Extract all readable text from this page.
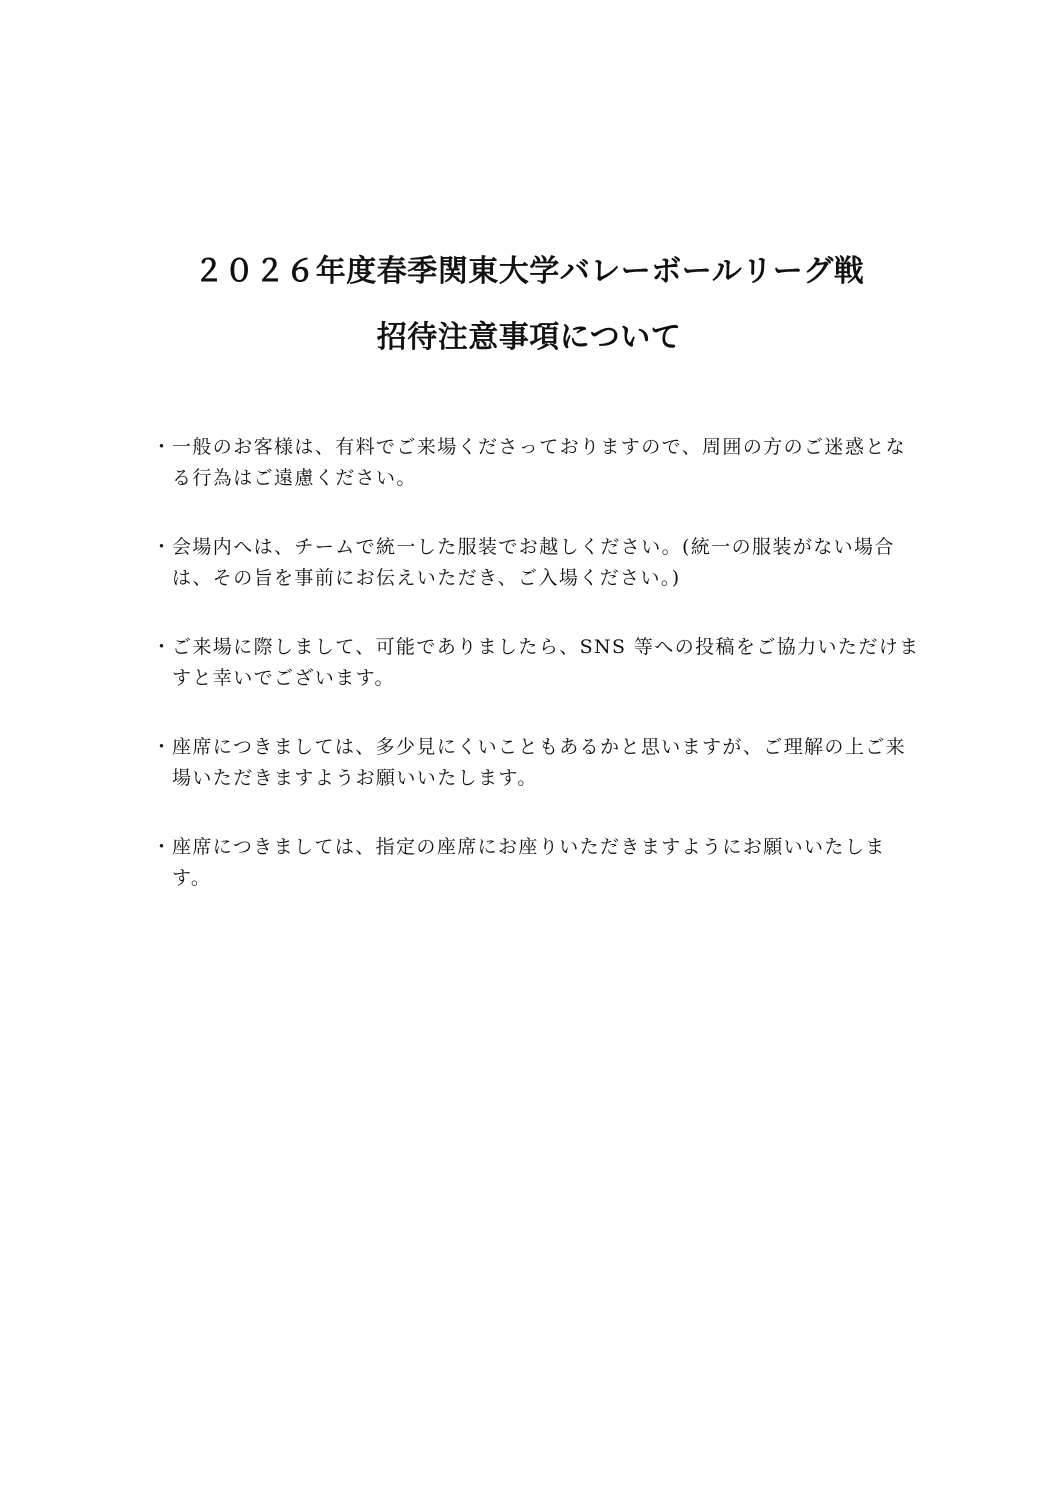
２０２６年度春季関東大学バレーボールリーグ戦
招待注意事項について
・ 一般のお客様は、有料でご来場くださっておりますので、周囲の方のご迷惑となる行為はご遠慮ください。
・ 会場内へは、チームで統一した服装でお越しください。(統一の服装がない場合は、その旨を事前にお伝えいただき、ご入場ください。)
・ ご来場に際しまして、可能でありましたら、SNS 等への投稿をご協力いただけますと幸いでございます。
・ 座席につきましては、多少見にくいこともあるかと思いますが、ご理解の上ご来場いただきますようお願いいたします。
・ 座席につきましては、指定の座席にお座りいただきますようにお願いいたします。
